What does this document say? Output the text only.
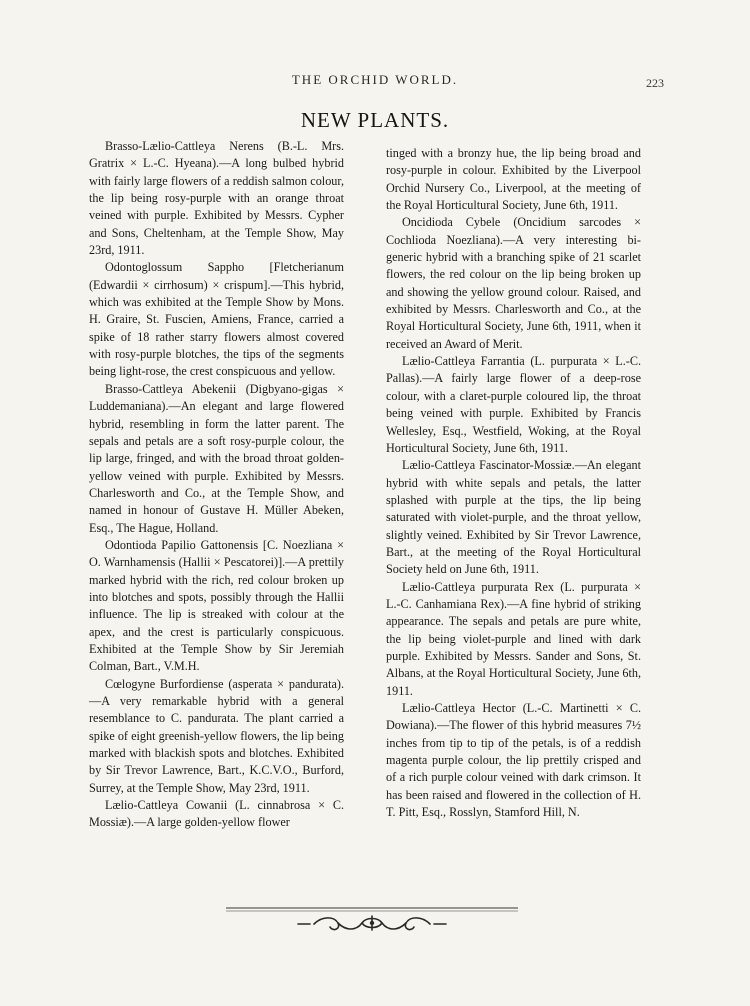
THE ORCHID WORLD.	223
NEW PLANTS.

Brasso-Lælio-Cattleya Nerens (B.-L. Mrs. Gratrix × L.-C. Hyeana).—A long bulbed hybrid with fairly large flowers of a reddish salmon colour, the lip being rosy-purple with an orange throat veined with purple. Exhibited by Messrs. Cypher and Sons, Cheltenham, at the Temple Show, May 23rd, 1911.

Odontoglossum Sappho [Fletcherianum (Edwardii × cirrhosum) × crispum].—This hybrid, which was exhibited at the Temple Show by Mons. H. Graire, St. Fuscien, Amiens, France, carried a spike of 18 rather starry flowers almost covered with rosy-purple blotches, the tips of the segments being light-rose, the crest conspicuous and yellow.

Brasso-Cattleya Abekenii (Digbyano-gigas × Luddemaniana).—An elegant and large flowered hybrid, resembling in form the latter parent. The sepals and petals are a soft rosy-purple colour, the lip large, fringed, and with the broad throat golden-yellow veined with purple. Exhibited by Messrs. Charlesworth and Co., at the Temple Show, and named in honour of Gustave H. Müller Abeken, Esq., The Hague, Holland.

Odontioda Papilio Gattonensis [C. Noezliana × O. Warnhamensis (Hallii × Pescatorei)].—A prettily marked hybrid with the rich, red colour broken up into blotches and spots, possibly through the Hallii influence. The lip is streaked with colour at the apex, and the crest is particularly conspicuous. Exhibited at the Temple Show by Sir Jeremiah Colman, Bart., V.M.H.

Cœlogyne Burfordiense (asperata × pandurata).—A very remarkable hybrid with a general resemblance to C. pandurata. The plant carried a spike of eight greenish-yellow flowers, the lip being marked with blackish spots and blotches. Exhibited by Sir Trevor Lawrence, Bart., K.C.V.O., Burford, Surrey, at the Temple Show, May 23rd, 1911.

Lælio-Cattleya Cowanii (L. cinnabrosa × C. Mossiæ).—A large golden-yellow flower

tinged with a bronzy hue, the lip being broad and rosy-purple in colour. Exhibited by the Liverpool Orchid Nursery Co., Liverpool, at the meeting of the Royal Horticultural Society, June 6th, 1911.

Oncidioda Cybele (Oncidium sarcodes × Cochlioda Noezliana).—A very interesting bi-generic hybrid with a branching spike of 21 scarlet flowers, the red colour on the lip being broken up and showing the yellow ground colour. Raised, and exhibited by Messrs. Charlesworth and Co., at the Royal Horticultural Society, June 6th, 1911, when it received an Award of Merit.

Lælio-Cattleya Farrantia (L. purpurata × L.-C. Pallas).—A fairly large flower of a deep-rose colour, with a claret-purple coloured lip, the throat being veined with purple. Exhibited by Francis Wellesley, Esq., Westfield, Woking, at the Royal Horticultural Society, June 6th, 1911.

Lælio-Cattleya Fascinator-Mossiæ.—An elegant hybrid with white sepals and petals, the latter splashed with purple at the tips, the lip being saturated with violet-purple, and the throat yellow, slightly veined. Exhibited by Sir Trevor Lawrence, Bart., at the meeting of the Royal Horticultural Society held on June 6th, 1911.

Lælio-Cattleya purpurata Rex (L. purpurata × L.-C. Canhamiana Rex).—A fine hybrid of striking appearance. The sepals and petals are pure white, the lip being violet-purple and lined with dark purple. Exhibited by Messrs. Sander and Sons, St. Albans, at the Royal Horticultural Society, June 6th, 1911.

Lælio-Cattleya Hector (L.-C. Martinetti × C. Dowiana).—The flower of this hybrid measures 7½ inches from tip to tip of the petals, is of a reddish magenta purple colour, the lip prettily crisped and of a rich purple colour veined with dark crimson. It has been raised and flowered in the collection of H. T. Pitt, Esq., Rosslyn, Stamford Hill, N.
